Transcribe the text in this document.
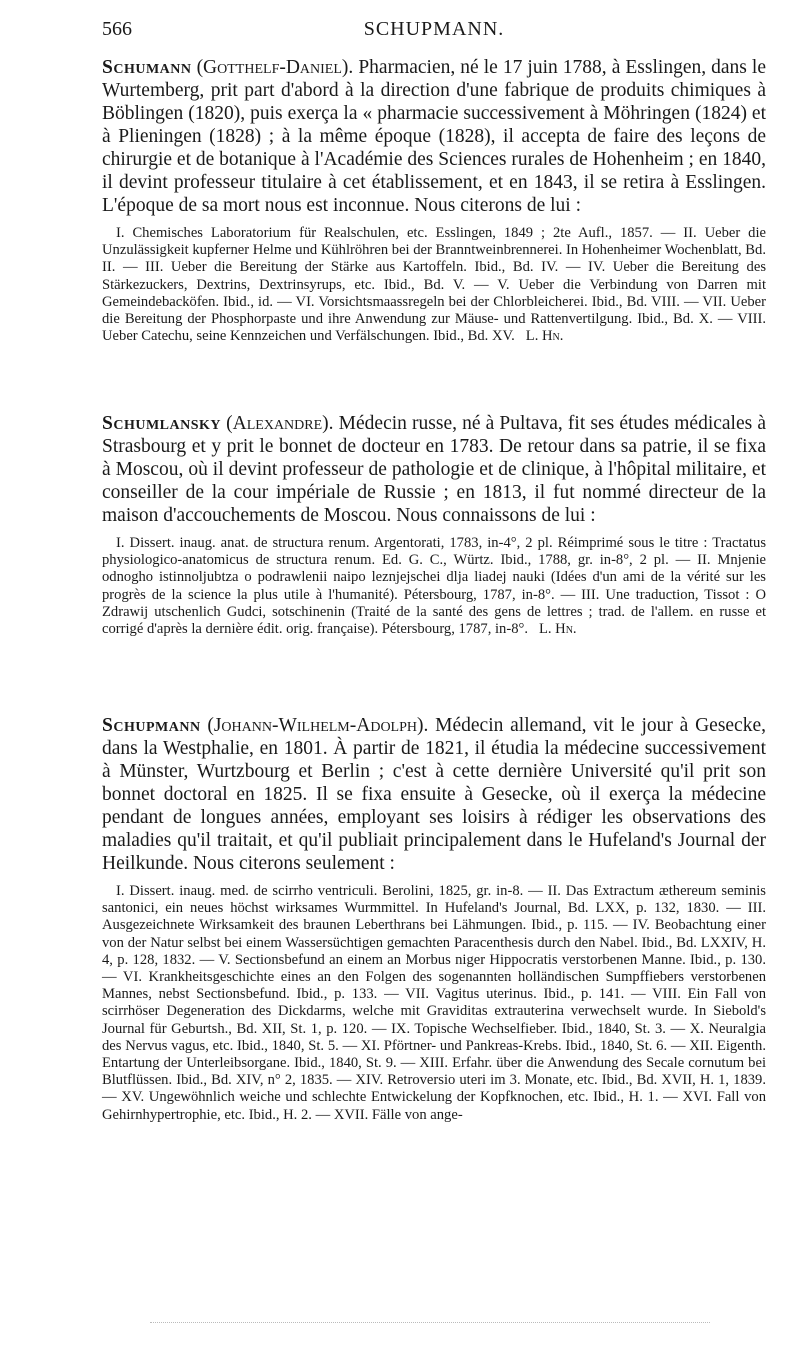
566	SCHUPMANN.

Schumann (Gotthelf-Daniel). Pharmacien, né le 17 juin 1788, à Esslingen, dans le Wurtemberg, prit part d'abord à la direction d'une fabrique de produits chimiques à Böblingen (1820), puis exerça la « pharmacie successivement à Möhringen (1824) et à Plieningen (1828) ; à la même époque (1828), il accepta de faire des leçons de chirurgie et de botanique à l'Académie des Sciences rurales de Hohenheim ; en 1840, il devint professeur titulaire à cet établissement, et en 1843, il se retira à Esslingen. L'époque de sa mort nous est inconnue. Nous citerons de lui :

I. Chemisches Laboratorium für Realschulen, etc. Esslingen, 1849 ; 2te Aufl., 1857. — II. Ueber die Unzulässigkeit kupferner Helme und Kühlröhren bei der Branntweinbrennerei. In Hohenheimer Wochenblatt, Bd. II. — III. Ueber die Bereitung der Stärke aus Kartoffeln. Ibid., Bd. IV. — IV. Ueber die Bereitung des Stärkezuckers, Dextrins, Dextrinsyrups, etc. Ibid., Bd. V. — V. Ueber die Verbindung von Darren mit Gemeindebacköfen. Ibid., id. — VI. Vorsichtsmaassregeln bei der Chlorbleicherei. Ibid., Bd. VIII. — VII. Ueber die Bereitung der Phosphorpaste und ihre Anwendung zur Mäuse- und Rattenvertilgung. Ibid., Bd. X. — VIII. Ueber Catechu, seine Kennzeichen und Verfälschungen. Ibid., Bd. XV. L. Hn.

Schumlansky (Alexandre). Médecin russe, né à Pultava, fit ses études médicales à Strasbourg et y prit le bonnet de docteur en 1783. De retour dans sa patrie, il se fixa à Moscou, où il devint professeur de pathologie et de clinique, à l'hôpital militaire, et conseiller de la cour impériale de Russie ; en 1813, il fut nommé directeur de la maison d'accouchements de Moscou. Nous connaissons de lui :

I. Dissert. inaug. anat. de structura renum. Argentorati, 1783, in-4°, 2 pl. Réimprimé sous le titre : Tractatus physiologico-anatomicus de structura renum. Ed. G. C., Würtz. Ibid., 1788, gr. in-8°, 2 pl. — II. Mnjenie odnogho istinnoljubtza o podrawlenii naipo leznjejschei dlja liadej nauki (Idées d'un ami de la vérité sur les progrès de la science la plus utile à l'humanité). Pétersbourg, 1787, in-8°. — III. Une traduction, Tissot : O Zdrawij utschenlich Gudci, sotschinenin (Traité de la santé des gens de lettres ; trad. de l'allem. en russe et corrigé d'après la dernière édit. orig. française). Pétersbourg, 1787, in-8°. L. Hn.

Schupmann (Johann-Wilhelm-Adolph). Médecin allemand, vit le jour à Gesecke, dans la Westphalie, en 1801. À partir de 1821, il étudia la médecine successivement à Münster, Wurtzbourg et Berlin ; c'est à cette dernière Université qu'il prit son bonnet doctoral en 1825. Il se fixa ensuite à Gesecke, où il exerça la médecine pendant de longues années, employant ses loisirs à rédiger les observations des maladies qu'il traitait, et qu'il publiait principalement dans le Hufeland's Journal der Heilkunde. Nous citerons seulement :

I. Dissert. inaug. med. de scirrho ventriculi. Berolini, 1825, gr. in-8. — II. Das Extractum æthereum seminis santonici, ein neues höchst wirksames Wurmmittel. In Hufeland's Journal, Bd. LXX, p. 132, 1830. — III. Ausgezeichnete Wirksamkeit des braunen Leberthrans bei Lähmungen. Ibid., p. 115. — IV. Beobachtung einer von der Natur selbst bei einem Wassersüchtigen gemachten Paracenthesis durch den Nabel. Ibid., Bd. LXXIV, H. 4, p. 128, 1832. — V. Sectionsbefund an einem an Morbus niger Hippocratis verstorbenen Manne. Ibid., p. 130. — VI. Krankheitsgeschichte eines an den Folgen des sogenannten holländischen Sumpffiebers verstorbenen Mannes, nebst Sectionsbefund. Ibid., p. 133. — VII. Vagitus uterinus. Ibid., p. 141. — VIII. Ein Fall von scirrhöser Degeneration des Dickdarms, welche mit Graviditas extrauterina verwechselt wurde. In Siebold's Journal für Geburtsh., Bd. XII, St. 1, p. 120. — IX. Topische Wechselfieber. Ibid., 1840, St. 3. — X. Neuralgia des Nervus vagus, etc. Ibid., 1840, St. 5. — XI. Pförtner- und Pankreas-Krebs. Ibid., 1840, St. 6. — XII. Eigenth. Entartung der Unterleibsorgane. Ibid., 1840, St. 9. — XIII. Erfahr. über die Anwendung des Secale cornutum bei Blutflüssen. Ibid., Bd. XIV, n° 2, 1835. — XIV. Retroversio uteri im 3. Monate, etc. Ibid., Bd. XVII, H. 1, 1839. — XV. Ungewöhnlich weiche und schlechte Entwickelung der Kopfknochen, etc. Ibid., H. 1. — XVI. Fall von Gehirnhypertrophie, etc. Ibid., H. 2. — XVII. Fälle von ange-
